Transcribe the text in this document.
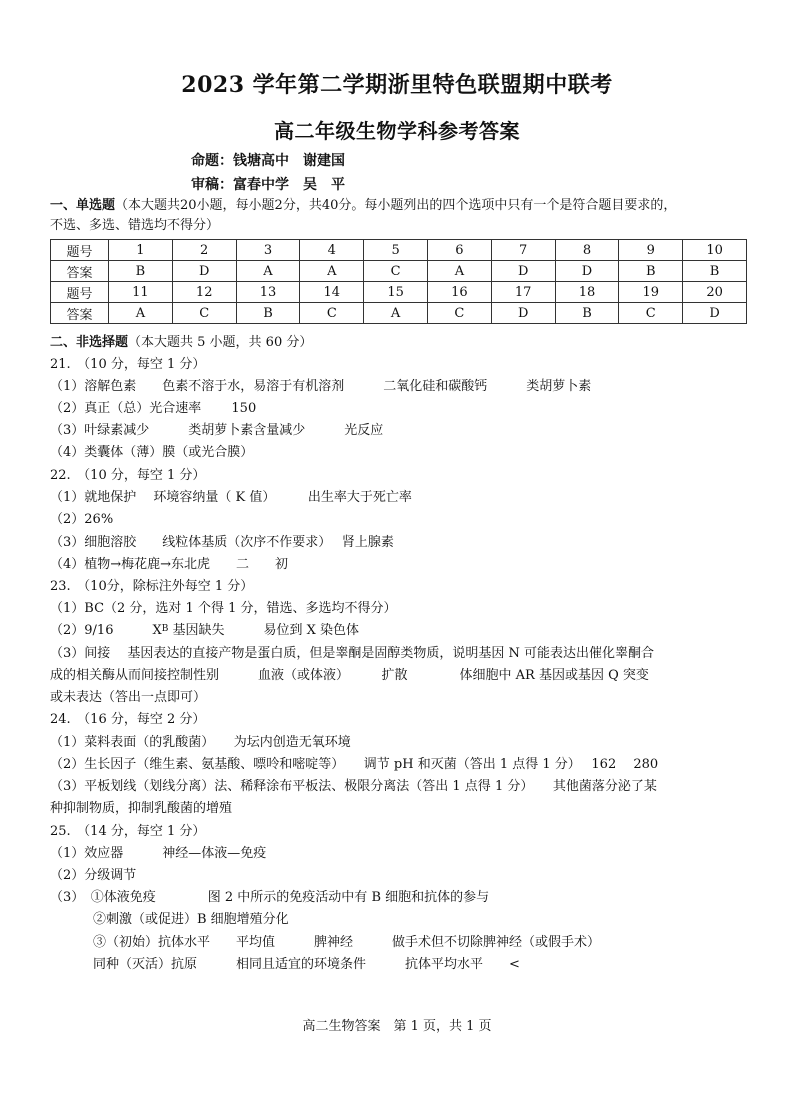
2023 学年第二学期浙里特色联盟期中联考
高二年级生物学科参考答案
命题：钱塘高中　谢建国
审稿：富春中学　吴　平
一、单选题（本大题共20小题，每小题2分，共40分。每小题列出的四个选项中只有一个是符合题目要求的，
不选、多选、错选均不得分）
题号	1	2	3	4	5	6	7	8	9	10
答案	B	D	A	A	C	A	D	D	B	B
题号	11	12	13	14	15	16	17	18	19	20
答案	A	C	B	C	A	C	D	B	C	D
二、非选择题（本大题共 5 小题，共 60 分）
21.　（10 分，每空 1 分）
（1）溶解色素　　色素不溶于水，易溶于有机溶剂　　　二氧化硅和碳酸钙　　　类胡萝卜素
（2）真正（总）光合速率　　 150
（3）叶绿素减少　　　类胡萝卜素含量减少　　　光反应
（4）类囊体（薄）膜（或光合膜）
22.　（10 分，每空 1 分）
（1）就地保护　 环境容纳量（ K 值）　　　出生率大于死亡率
（2）26%
（3）细胞溶胶　　线粒体基质（次序不作要求）　 肾上腺素
（4）植物→梅花鹿→东北虎　　二　　初
23.　（10分，除标注外每空 1 分）
（1）BC（2 分，选对 1 个得 1 分，错选、多选均不得分）
（2）9/16　　　$X^B$ 基因缺失　　　易位到 X 染色体
（3）间接　 基因表达的直接产物是蛋白质，但是睾酮是固醇类物质，说明基因 N 可能表达出催化睾酮合
成的相关酶从而间接控制性别　　　血液（或体液）　　　扩散　　　　体细胞中 AR 基因或基因 Q 突变
或未表达（答出一点即可）
24.　（16 分，每空 2 分）
（1）菜料表面（的乳酸菌）　　为坛内创造无氧环境
（2）生长因子（维生素、氨基酸、嘌呤和嘧啶等）　　调节 pH 和灭菌（答出 1 点得 1 分）　 162　 280
（3）平板划线（划线分离）法、稀释涂布平板法、极限分离法（答出 1 点得 1 分）　　其他菌落分泌了某
种抑制物质，抑制乳酸菌的增殖
25.　（14 分，每空 1 分）
（1）效应器　　　神经—体液—免疫
（2）分级调节
（3）　①体液免疫　　　　图 2 中所示的免疫活动中有 B 细胞和抗体的参与
②刺激（或促进）B 细胞增殖分化
③（初始）抗体水平　　平均值　　　脾神经　　　做手术但不切除脾神经（或假手术）
同种（灭活）抗原　　　相同且适宜的环境条件　　　抗体平均水平　　<
高二生物答案　第 1 页，共 1 页
